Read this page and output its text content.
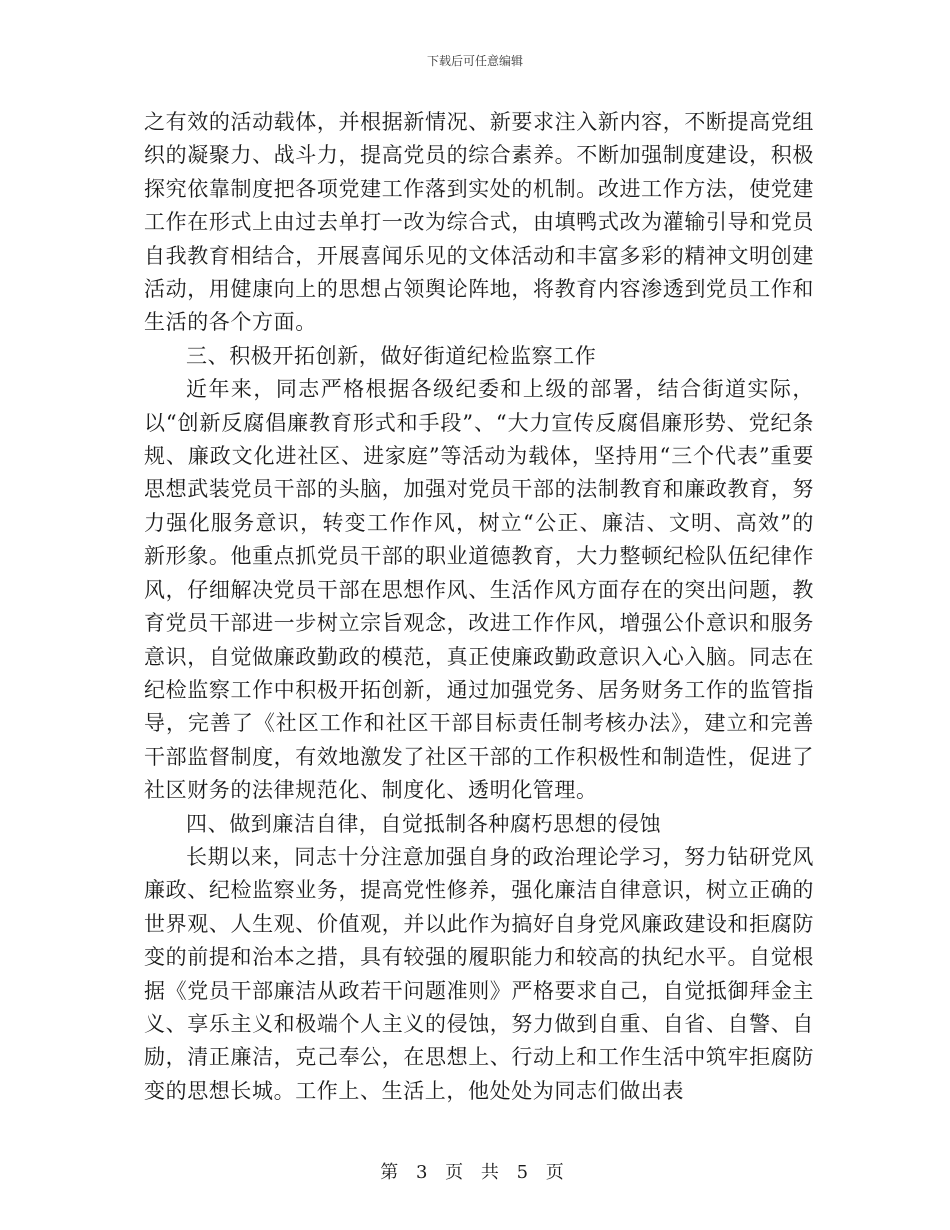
下载后可任意编辑

之有效的活动载体，并根据新情况、新要求注入新内容，不断提高党组织的凝聚力、战斗力，提高党员的综合素养。不断加强制度建设，积极探究依靠制度把各项党建工作落到实处的机制。改进工作方法，使党建工作在形式上由过去单打一改为综合式，由填鸭式改为灌输引导和党员自我教育相结合，开展喜闻乐见的文体活动和丰富多彩的精神文明创建活动，用健康向上的思想占领舆论阵地，将教育内容渗透到党员工作和生活的各个方面。

三、积极开拓创新，做好街道纪检监察工作

近年来，同志严格根据各级纪委和上级的部署，结合街道实际，以“创新反腐倡廉教育形式和手段”、“大力宣传反腐倡廉形势、党纪条规、廉政文化进社区、进家庭”等活动为载体，坚持用“三个代表”重要思想武装党员干部的头脑，加强对党员干部的法制教育和廉政教育，努力强化服务意识，转变工作作风，树立“公正、廉洁、文明、高效”的新形象。他重点抓党员干部的职业道德教育，大力整顿纪检队伍纪律作风，仔细解决党员干部在思想作风、生活作风方面存在的突出问题，教育党员干部进一步树立宗旨观念，改进工作作风，增强公仆意识和服务意识，自觉做廉政勤政的模范，真正使廉政勤政意识入心入脑。同志在纪检监察工作中积极开拓创新，通过加强党务、居务财务工作的监管指导，完善了《社区工作和社区干部目标责任制考核办法》，建立和完善干部监督制度，有效地激发了社区干部的工作积极性和制造性，促进了社区财务的法律规范化、制度化、透明化管理。

四、做到廉洁自律，自觉抵制各种腐朽思想的侵蚀

长期以来，同志十分注意加强自身的政治理论学习，努力钻研党风廉政、纪检监察业务，提高党性修养，强化廉洁自律意识，树立正确的世界观、人生观、价值观，并以此作为搞好自身党风廉政建设和拒腐防变的前提和治本之措，具有较强的履职能力和较高的执纪水平。自觉根据《党员干部廉洁从政若干问题准则》严格要求自己，自觉抵御拜金主义、享乐主义和极端个人主义的侵蚀，努力做到自重、自省、自警、自励，清正廉洁，克己奉公，在思想上、行动上和工作生活中筑牢拒腐防变的思想长城。工作上、生活上，他处处为同志们做出表

第 3 页 共 5 页
